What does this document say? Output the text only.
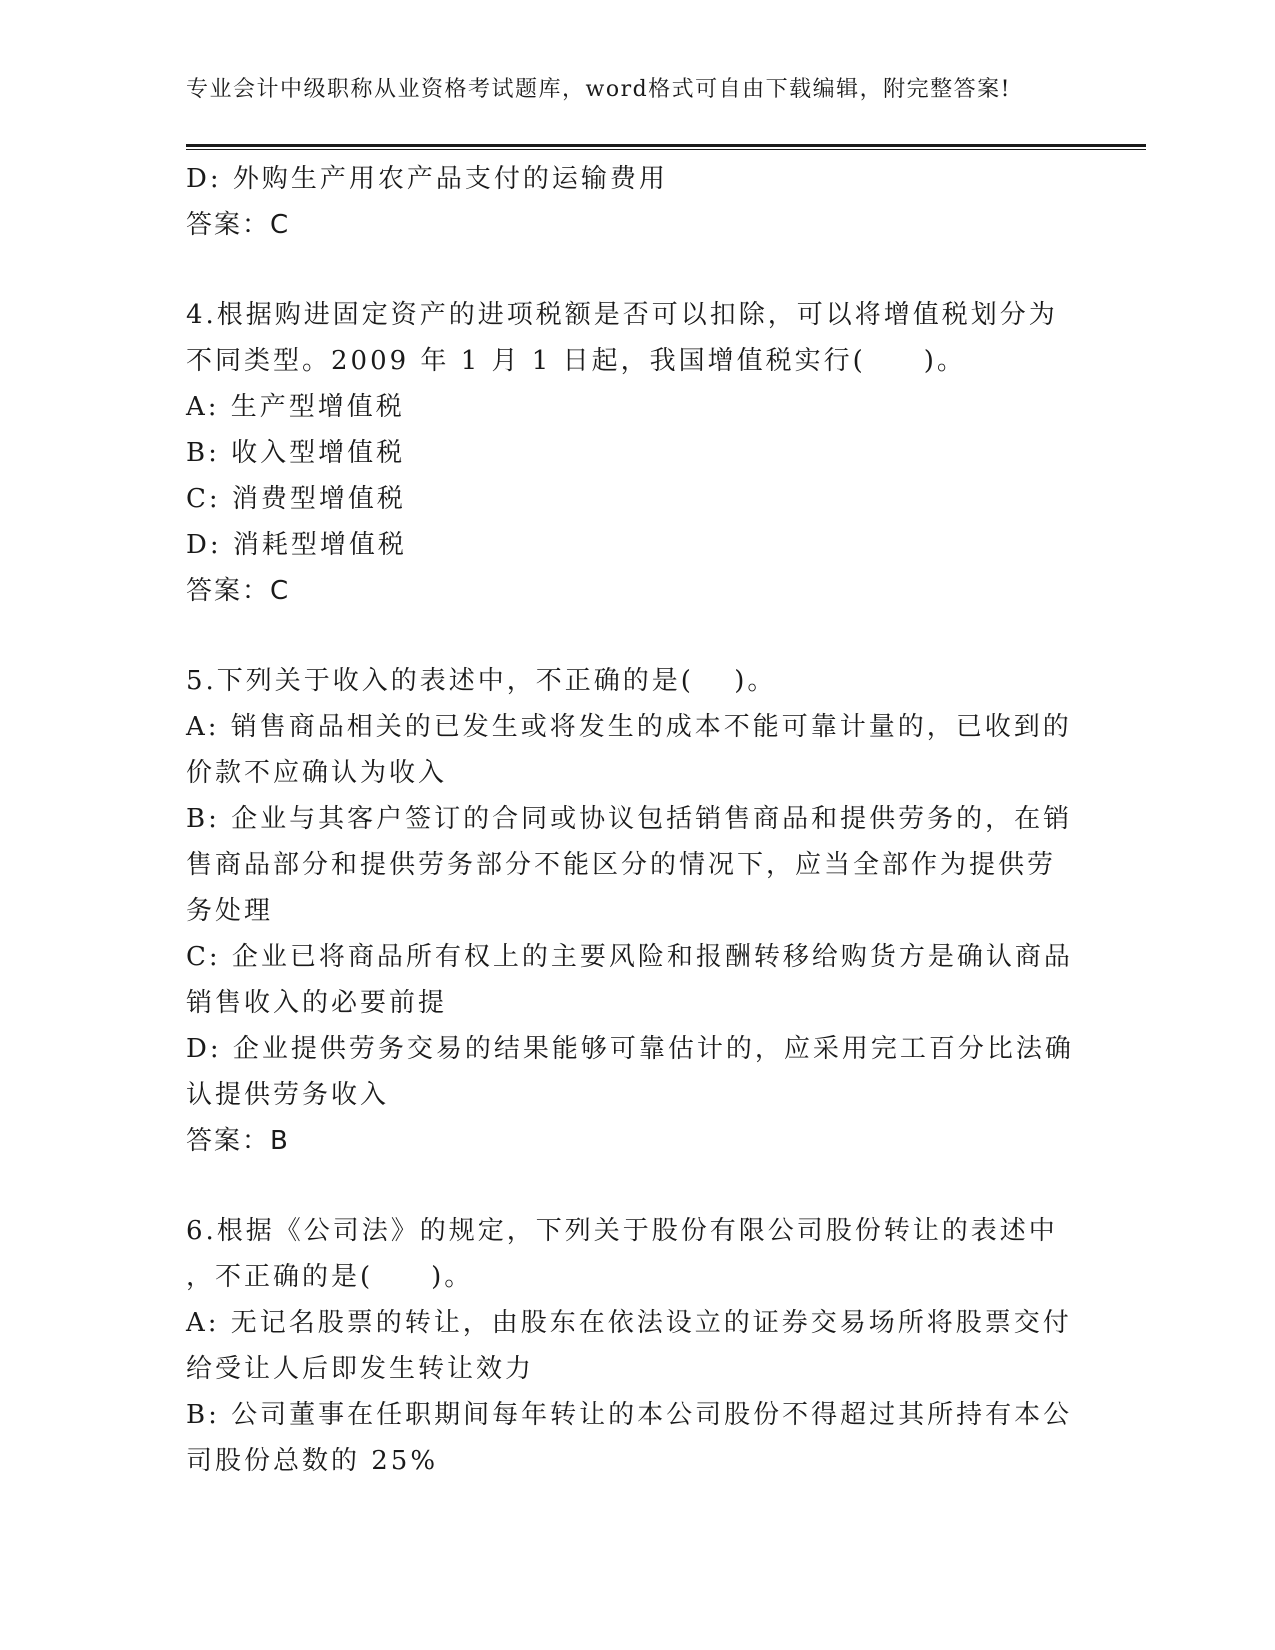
专业会计中级职称从业资格考试题库，word格式可自由下载编辑，附完整答案!

D: 外购生产用农产品支付的运输费用

答案：C

4.根据购进固定资产的进项税额是否可以扣除，可以将增值税划分为

不同类型。2009 年 1 月 1 日起，我国增值税实行(　　)。

A: 生产型增值税

B: 收入型增值税

C: 消费型增值税

D: 消耗型增值税

答案：C

5.下列关于收入的表述中，不正确的是(　 )。

A: 销售商品相关的已发生或将发生的成本不能可靠计量的，已收到的

价款不应确认为收入

B: 企业与其客户签订的合同或协议包括销售商品和提供劳务的，在销

售商品部分和提供劳务部分不能区分的情况下，应当全部作为提供劳

务处理

C: 企业已将商品所有权上的主要风险和报酬转移给购货方是确认商品

销售收入的必要前提

D: 企业提供劳务交易的结果能够可靠估计的，应采用完工百分比法确

认提供劳务收入

答案：B

6.根据《公司法》的规定，下列关于股份有限公司股份转让的表述中

，不正确的是(　　)。

A: 无记名股票的转让，由股东在依法设立的证券交易场所将股票交付

给受让人后即发生转让效力

B: 公司董事在任职期间每年转让的本公司股份不得超过其所持有本公

司股份总数的 25%
